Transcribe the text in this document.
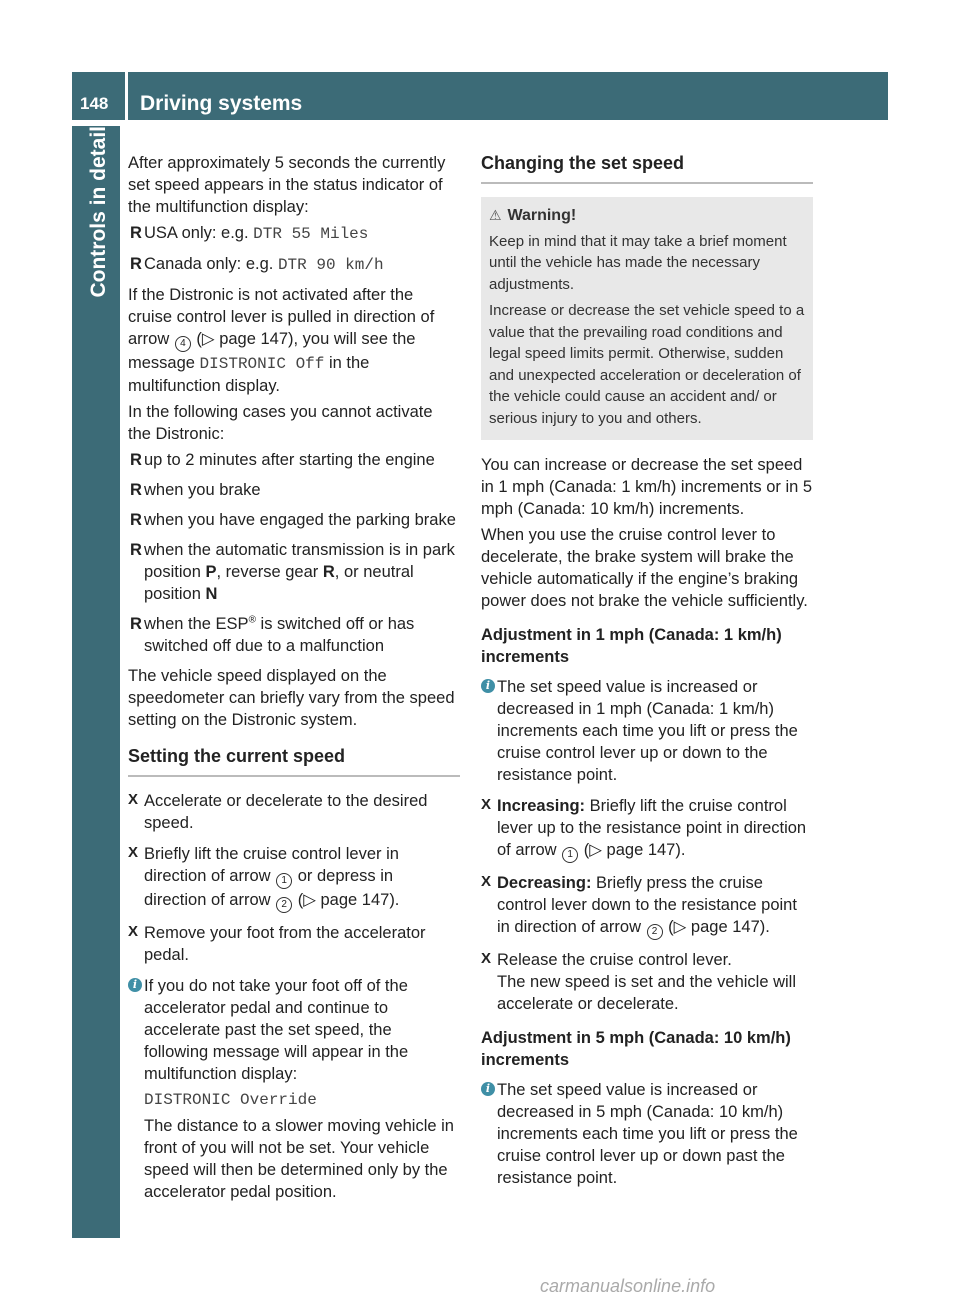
148	Driving systems
Controls in detail After approximately 5 seconds the currently set speed appears in the status indicator of the multifunction display:

R USA only: e.g. DTR 55 Miles
R Canada only: e.g. DTR 90 km/h

If the Distronic is not activated after the cruise control lever is pulled in direction of arrow 4 (▷ page 147), you will see the message DISTRONIC Off in the multifunction display.

In the following cases you cannot activate the Distronic:

R up to 2 minutes after starting the engine
R when you brake
R when you have engaged the parking brake
R when the automatic transmission is in park position P, reverse gear R, or neutral position N
R when the ESP® is switched off or has switched off due to a malfunction

The vehicle speed displayed on the speedometer can briefly vary from the speed setting on the Distronic system.

Setting the current speed
X Accelerate or decelerate to the desired speed.
X Briefly lift the cruise control lever in direction of arrow 1 or depress in direction of arrow 2 (▷ page 147).
X Remove your foot from the accelerator pedal.
i If you do not take your foot off of the accelerator pedal and continue to accelerate past the set speed, the following message will appear in the multifunction display:

DISTRONIC Override

The distance to a slower moving vehicle in front of you will not be set. Your vehicle speed will then be determined only by the accelerator pedal position.

Changing the set speed
⚠ Warning!

Keep in mind that it may take a brief moment until the vehicle has made the necessary adjustments.

Increase or decrease the set vehicle speed to a value that the prevailing road conditions and legal speed limits permit. Otherwise, sudden and unexpected acceleration or deceleration of the vehicle could cause an accident and/ or serious injury to you and others.

You can increase or decrease the set speed in 1 mph (Canada: 1 km/h) increments or in 5 mph (Canada: 10 km/h) increments.

When you use the cruise control lever to decelerate, the brake system will brake the vehicle automatically if the engine’s braking power does not brake the vehicle sufficiently.

Adjustment in 1 mph (Canada: 1 km/h) increments
i The set speed value is increased or decreased in 1 mph (Canada: 1 km/h) increments each time you lift or press the cruise control lever up or down to the resistance point.
X Increasing: Briefly lift the cruise control lever up to the resistance point in direction of arrow 1 (▷ page 147).
X Decreasing: Briefly press the cruise control lever down to the resistance point in direction of arrow 2 (▷ page 147).
X Release the cruise control lever.
The new speed is set and the vehicle will accelerate or decelerate.
Adjustment in 5 mph (Canada: 10 km/h) increments
i The set speed value is increased or decreased in 5 mph (Canada: 10 km/h) increments each time you lift or press the cruise control lever up or down past the resistance point.
carmanualsonline.info
